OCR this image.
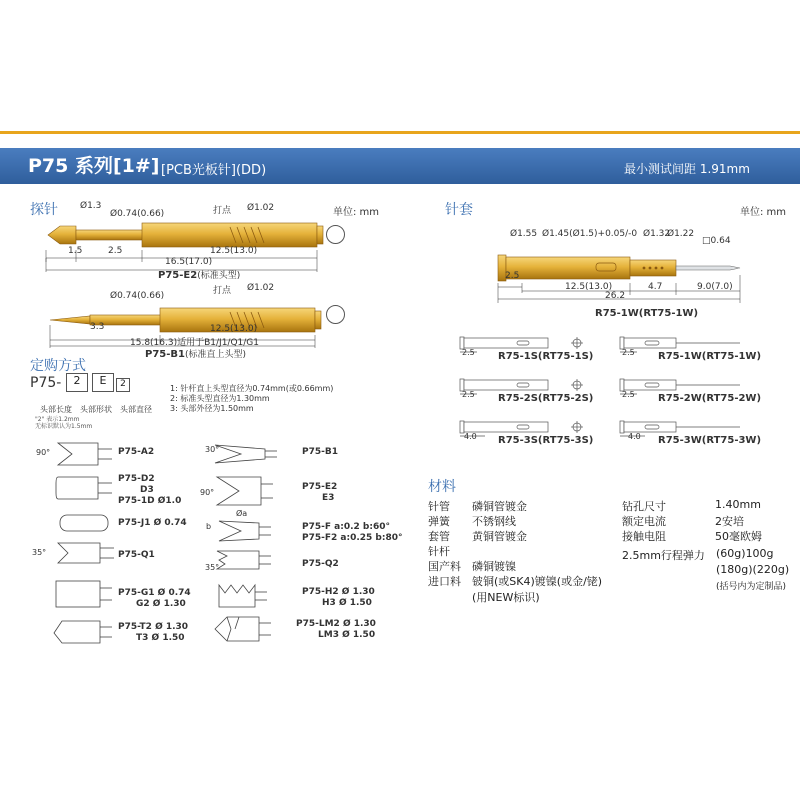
P75 系列[1#] [PCB光板针](DD)	最小测试间距 1.91mm
探针	单位: mm
Ø1.3
Ø0.74(0.66)	打点 Ø1.02
1.5	2.5	12.5(13.0)
16.5(17.0)
P75-E2(标准头型)
Ø0.74(0.66)	打点 Ø1.02
3.3	12.5(13.0)
15.8(16.3)适用于B1/J1/Q1/G1
P75-B1(标准直上头型)
定购方式
P75-	2	E	2	1: 针杆直上头型直径为0.74mm(或0.66mm)
2: 标准头型直径为1.30mm
3: 头部外径为1.50mm
头部长度 头部形状 头部直径
"2" 表示1.2mm
无标识默认为1.5mm
90°
35°
P75-A2
P75-D2
D3
P75-1D Ø1.0
P75-J1 Ø 0.74
P75-Q1
P75-G1 Ø 0.74
G2 Ø 1.30
P75-T2 Ø 1.30
T3 Ø 1.50
30°
90°
Øa
b
35°
P75-B1
P75-E2
E3
P75-F a:0.2 b:60°
P75-F2 a:0.25 b:80°
P75-Q2
P75-H2 Ø 1.30
H3 Ø 1.50
P75-LM2 Ø 1.30
LM3 Ø 1.50
针套	单位: mm
Ø1.55 Ø1.45(Ø1.5)+0.05/-0 Ø1.32
Ø1.22
□0.64
2.5
12.5(13.0)	4.7	9.0(7.0)
26.2
R75-1W(RT75-1W)
2.5	2.5
2.5	2.5
4.0	4.0
R75-1S(RT75-1S)	R75-1W(RT75-1W)
R75-2S(RT75-2S)	R75-2W(RT75-2W)
R75-3S(RT75-3S)	R75-3W(RT75-3W)
材料
针管 磷铜管镀金
弹簧 不锈钢线
套管 黄铜管镀金
针杆
国产料 磷铜镀镍
进口料 铍铜(或SK4)镀镍(或金/铑)
(用NEW标识)
钻孔尺寸	1.40mm
额定电流	2安培
接触电阻	50毫欧姆
2.5mm行程弹力 (60g)100g
(180g)(220g)
(括号内为定制品)
